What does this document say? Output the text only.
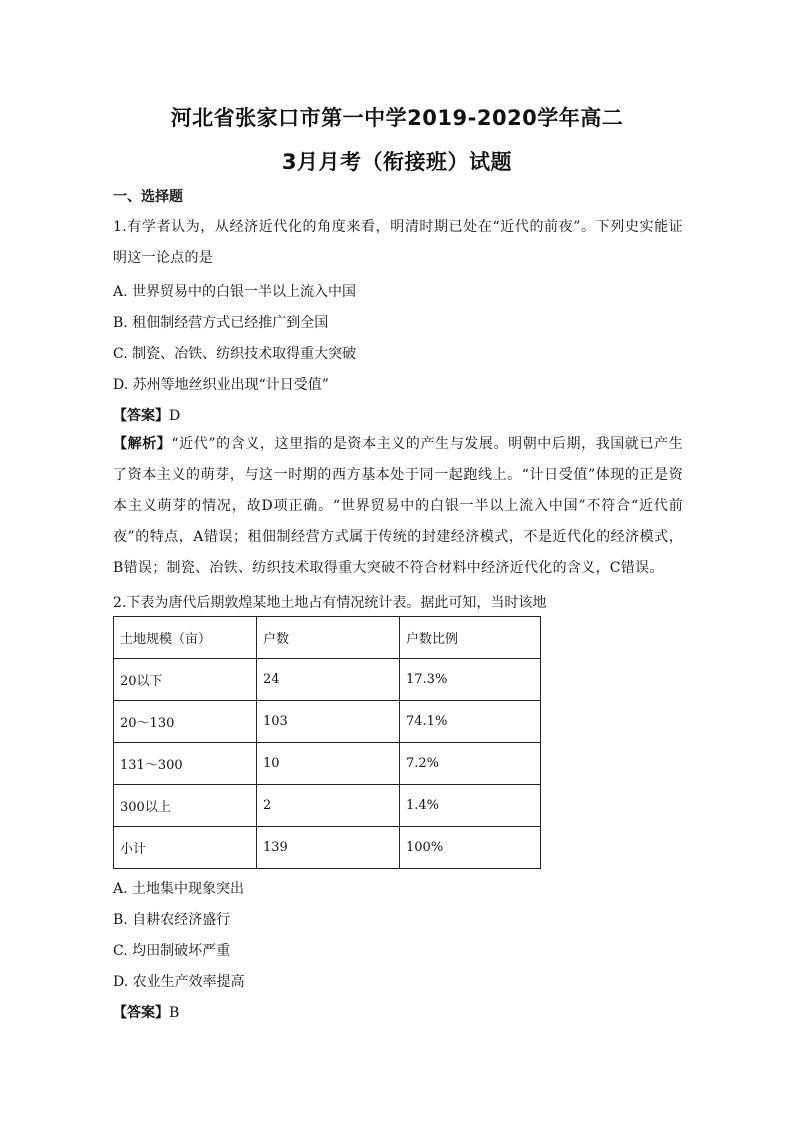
河北省张家口市第一中学2019-2020学年高二
3月月考（衔接班）试题
一、选择题
1.有学者认为，从经济近代化的角度来看，明清时期已处在“近代的前夜”。下列史实能证明这一论点的是
A. 世界贸易中的白银一半以上流入中国
B. 租佃制经营方式已经推广到全国
C. 制瓷、冶铁、纺织技术取得重大突破
D. 苏州等地丝织业出现“计日受值”
【答案】D
【解析】“近代”的含义，这里指的是资本主义的产生与发展。明朝中后期，我国就已产生了资本主义的萌芽，与这一时期的西方基本处于同一起跑线上。“计日受值”体现的正是资本主义萌芽的情况，故D项正确。“世界贸易中的白银一半以上流入中国”不符合“近代前夜”的特点，A错误；租佃制经营方式属于传统的封建经济模式，不是近代化的经济模式，B错误；制瓷、冶铁、纺织技术取得重大突破不符合材料中经济近代化的含义，C错误。
2.下表为唐代后期敦煌某地土地占有情况统计表。据此可知，当时该地
土地规模（亩）	户数	户数比例
20以下	24	17.3%
20～130	103	74.1%
131～300	10	7.2%
300以上	2	1.4%
小计	139	100%
A. 土地集中现象突出
B. 自耕农经济盛行
C. 均田制破坏严重
D. 农业生产效率提高
【答案】B
